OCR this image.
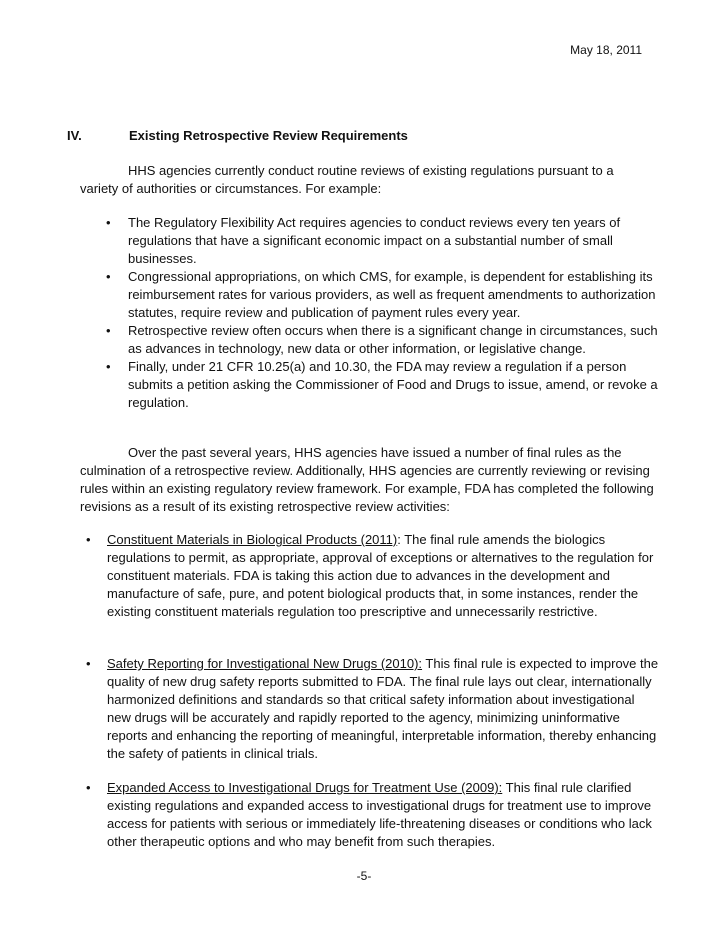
May 18, 2011
IV.	Existing Retrospective Review Requirements
HHS agencies currently conduct routine reviews of existing regulations pursuant to a variety of authorities or circumstances. For example:
• The Regulatory Flexibility Act requires agencies to conduct reviews every ten years of regulations that have a significant economic impact on a substantial number of small businesses.
• Congressional appropriations, on which CMS, for example, is dependent for establishing its reimbursement rates for various providers, as well as frequent amendments to authorization statutes, require review and publication of payment rules every year.
• Retrospective review often occurs when there is a significant change in circumstances, such as advances in technology, new data or other information, or legislative change.
• Finally, under 21 CFR 10.25(a) and 10.30, the FDA may review a regulation if a person submits a petition asking the Commissioner of Food and Drugs to issue, amend, or revoke a regulation.
Over the past several years, HHS agencies have issued a number of final rules as the culmination of a retrospective review. Additionally, HHS agencies are currently reviewing or revising rules within an existing regulatory review framework. For example, FDA has completed the following revisions as a result of its existing retrospective review activities:
• Constituent Materials in Biological Products (2011): The final rule amends the biologics regulations to permit, as appropriate, approval of exceptions or alternatives to the regulation for constituent materials. FDA is taking this action due to advances in the development and manufacture of safe, pure, and potent biological products that, in some instances, render the existing constituent materials regulation too prescriptive and unnecessarily restrictive.
• Safety Reporting for Investigational New Drugs (2010): This final rule is expected to improve the quality of new drug safety reports submitted to FDA. The final rule lays out clear, internationally harmonized definitions and standards so that critical safety information about investigational new drugs will be accurately and rapidly reported to the agency, minimizing uninformative reports and enhancing the reporting of meaningful, interpretable information, thereby enhancing the safety of patients in clinical trials.
• Expanded Access to Investigational Drugs for Treatment Use (2009): This final rule clarified existing regulations and expanded access to investigational drugs for treatment use to improve access for patients with serious or immediately life-threatening diseases or conditions who lack other therapeutic options and who may benefit from such therapies.
-5-
